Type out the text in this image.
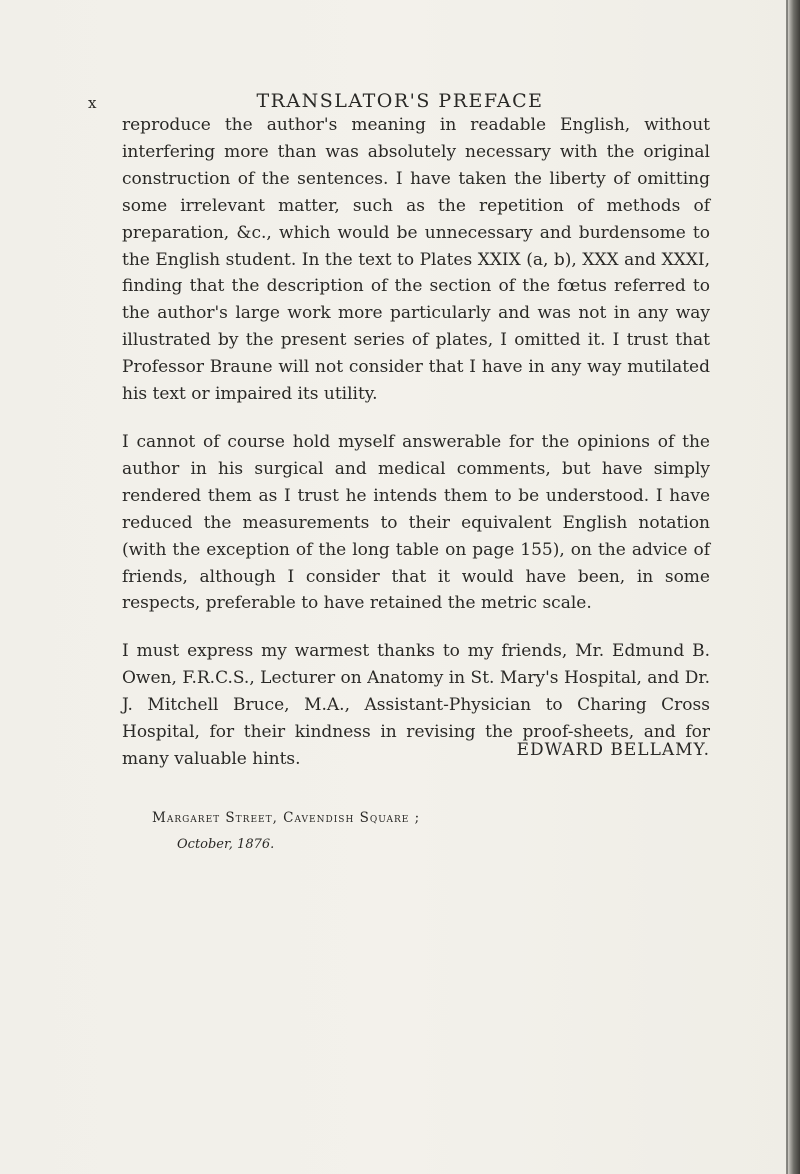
x	TRANSLATOR'S PREFACE

reproduce the author's meaning in readable English, without interfering more than was absolutely necessary with the original construction of the sentences. I have taken the liberty of omitting some irrelevant matter, such as the repetition of methods of preparation, &c., which would be unnecessary and burdensome to the English student. In the text to Plates XXIX (a, b), XXX and XXXI, finding that the description of the section of the fœtus referred to the author's large work more particularly and was not in any way illustrated by the present series of plates, I omitted it. I trust that Professor Braune will not consider that I have in any way mutilated his text or impaired its utility.

I cannot of course hold myself answerable for the opinions of the author in his surgical and medical comments, but have simply rendered them as I trust he intends them to be understood. I have reduced the measurements to their equivalent English notation (with the exception of the long table on page 155), on the advice of friends, although I consider that it would have been, in some respects, preferable to have retained the metric scale.

I must express my warmest thanks to my friends, Mr. Edmund B. Owen, F.R.C.S., Lecturer on Anatomy in St. Mary's Hospital, and Dr. J. Mitchell Bruce, M.A., Assistant-Physician to Charing Cross Hospital, for their kindness in revising the proof-sheets, and for many valuable hints.	EDWARD BELLAMY.
Margaret Street, Cavendish Square ;
October, 1876.
